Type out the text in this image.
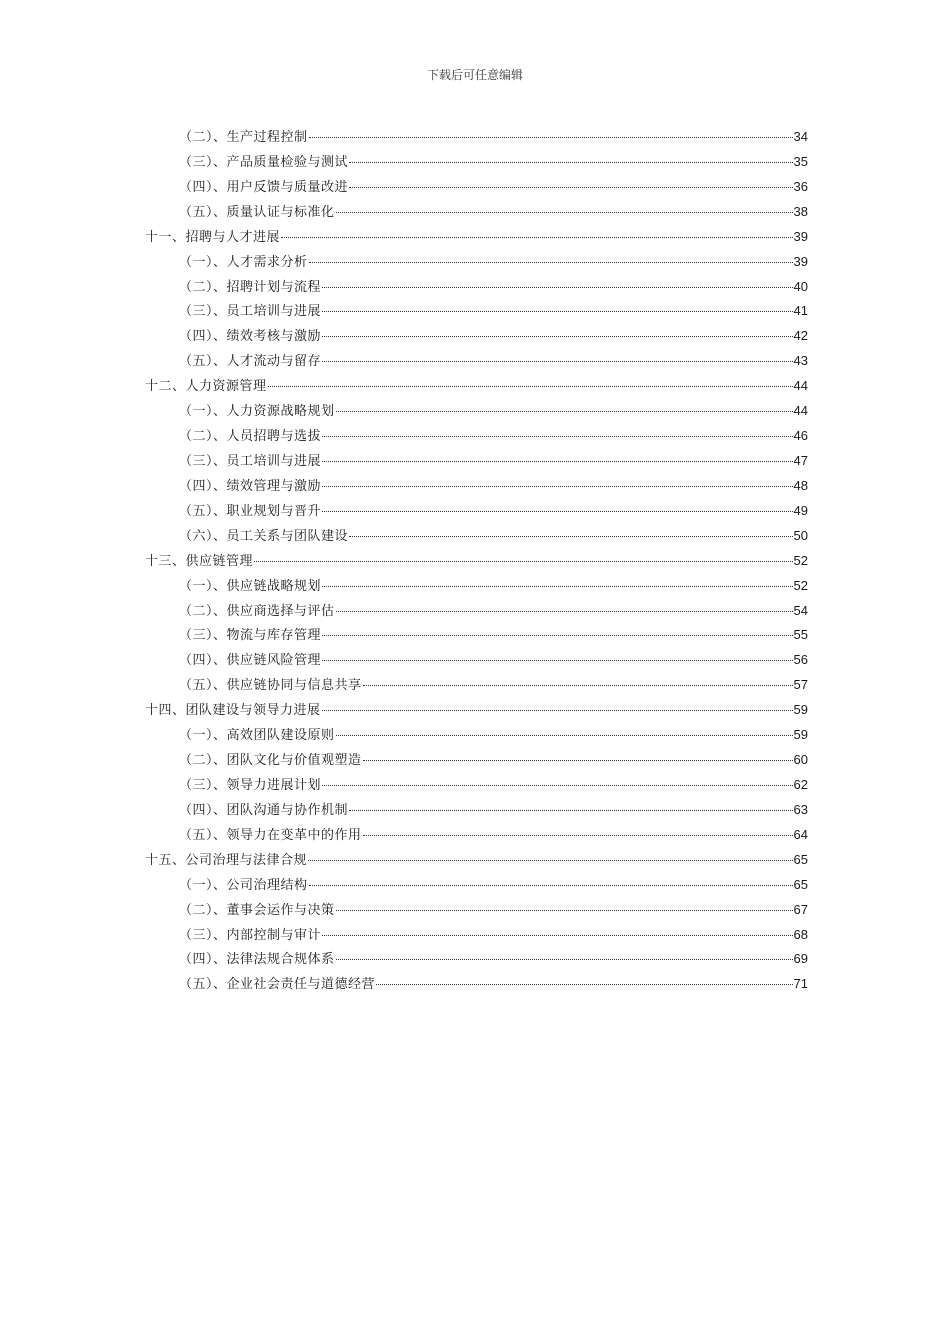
下载后可任意编辑
（二）、生产过程控制	34
（三）、产品质量检验与测试	35
（四）、用户反馈与质量改进	36
（五）、质量认证与标准化	38
十一、招聘与人才进展	39
（一）、人才需求分析	39
（二）、招聘计划与流程	40
（三）、员工培训与进展	41
（四）、绩效考核与激励	42
（五）、人才流动与留存	43
十二、人力资源管理	44
（一）、人力资源战略规划	44
（二）、人员招聘与选拔	46
（三）、员工培训与进展	47
（四）、绩效管理与激励	48
（五）、职业规划与晋升	49
（六）、员工关系与团队建设	50
十三、供应链管理	52
（一）、供应链战略规划	52
（二）、供应商选择与评估	54
（三）、物流与库存管理	55
（四）、供应链风险管理	56
（五）、供应链协同与信息共享	57
十四、团队建设与领导力进展	59
（一）、高效团队建设原则	59
（二）、团队文化与价值观塑造	60
（三）、领导力进展计划	62
（四）、团队沟通与协作机制	63
（五）、领导力在变革中的作用	64
十五、公司治理与法律合规	65
（一）、公司治理结构	65
（二）、董事会运作与决策	67
（三）、内部控制与审计	68
（四）、法律法规合规体系	69
（五）、企业社会责任与道德经营	71
